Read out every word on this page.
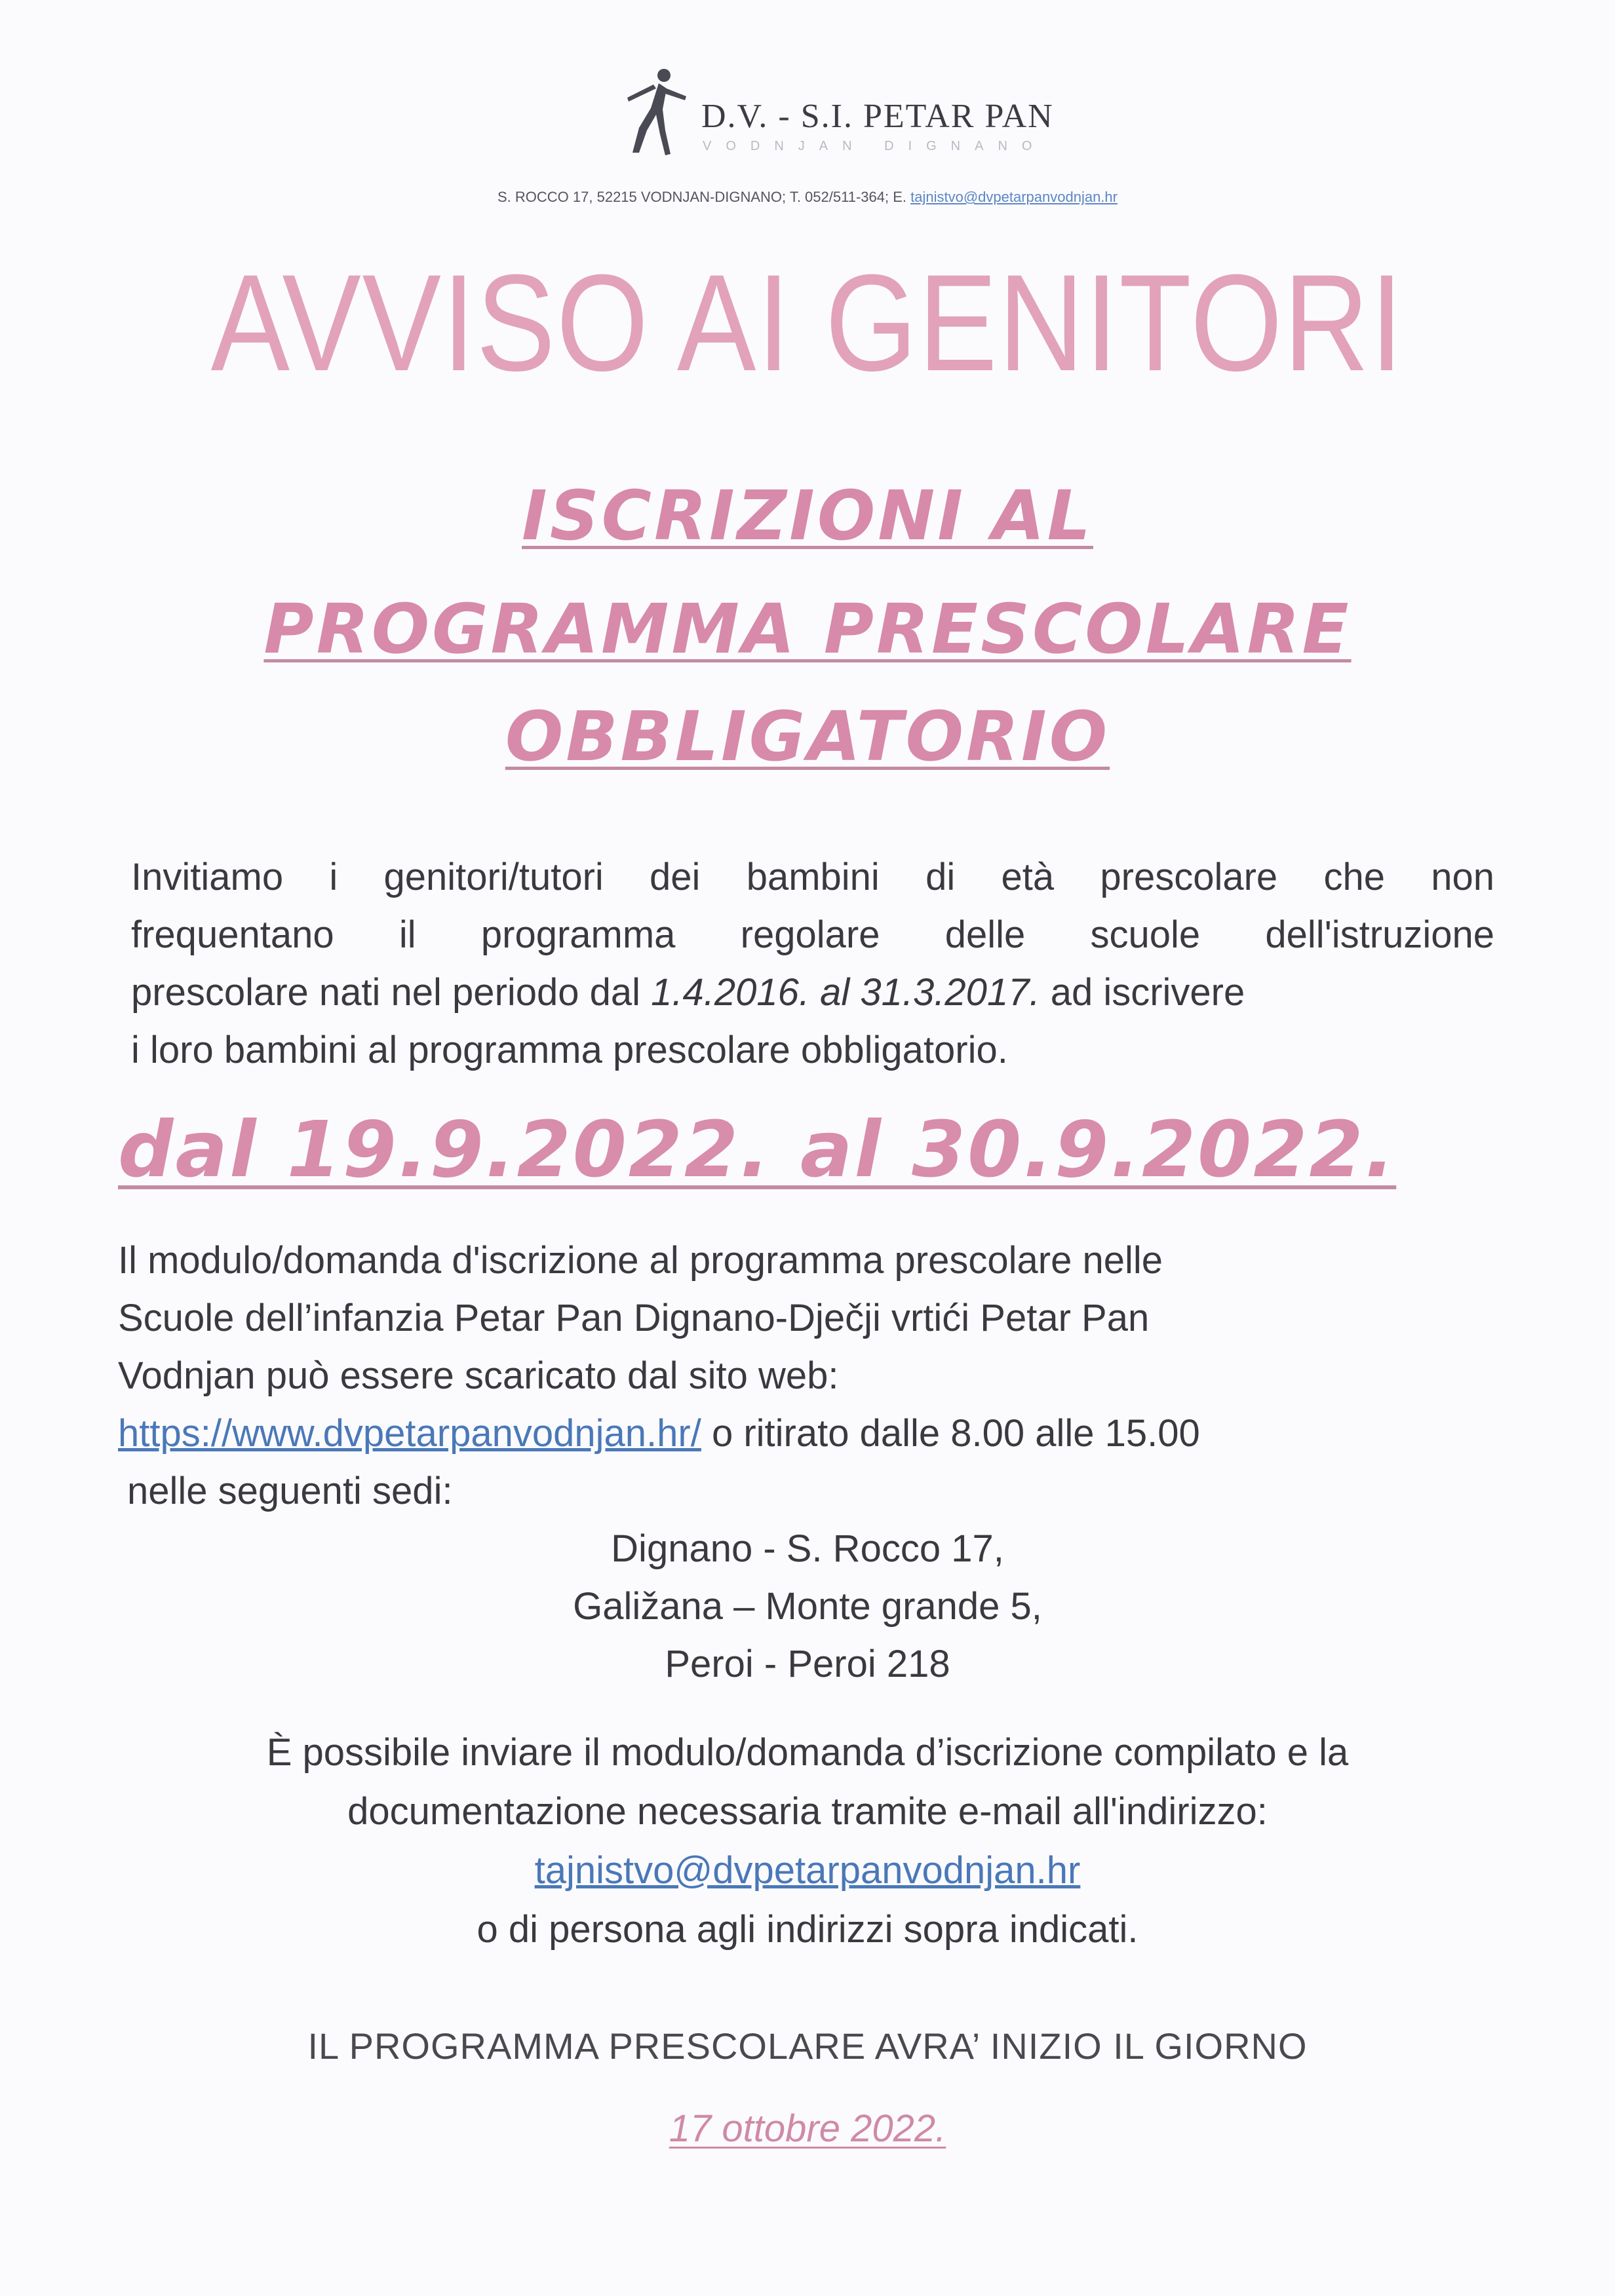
D.V. - S.I. PETAR PAN
VODNJAN DIGNANO
S. ROCCO 17, 52215 VODNJAN-DIGNANO; T. 052/511-364; E. tajnistvo@dvpetarpanvodnjan.hr
AVVISO AI GENITORI
ISCRIZIONI AL
PROGRAMMA PRESCOLARE
OBBLIGATORIO
Invitiamo i genitori/tutori dei bambini di età prescolare che non
frequentano il programma regolare delle scuole dell'istruzione
prescolare nati nel periodo dal 1.4.2016. al 31.3.2017. ad iscrivere
i loro bambini al programma prescolare obbligatorio.
dal 19.9.2022. al 30.9.2022.
Il modulo/domanda d'iscrizione al programma prescolare nelle
Scuole dell’infanzia Petar Pan Dignano-Dječji vrtići Petar Pan
Vodnjan può essere scaricato dal sito web:
https://www.dvpetarpanvodnjan.hr/ o ritirato dalle 8.00 alle 15.00
nelle seguenti sedi:
Dignano - S. Rocco 17,
Galižana – Monte grande 5,
Peroi - Peroi 218
È possibile inviare il modulo/domanda d’iscrizione compilato e la
documentazione necessaria tramite e-mail all'indirizzo:
tajnistvo@dvpetarpanvodnjan.hr
o di persona agli indirizzi sopra indicati.
IL PROGRAMMA PRESCOLARE AVRA’ INIZIO IL GIORNO
17 ottobre 2022.
